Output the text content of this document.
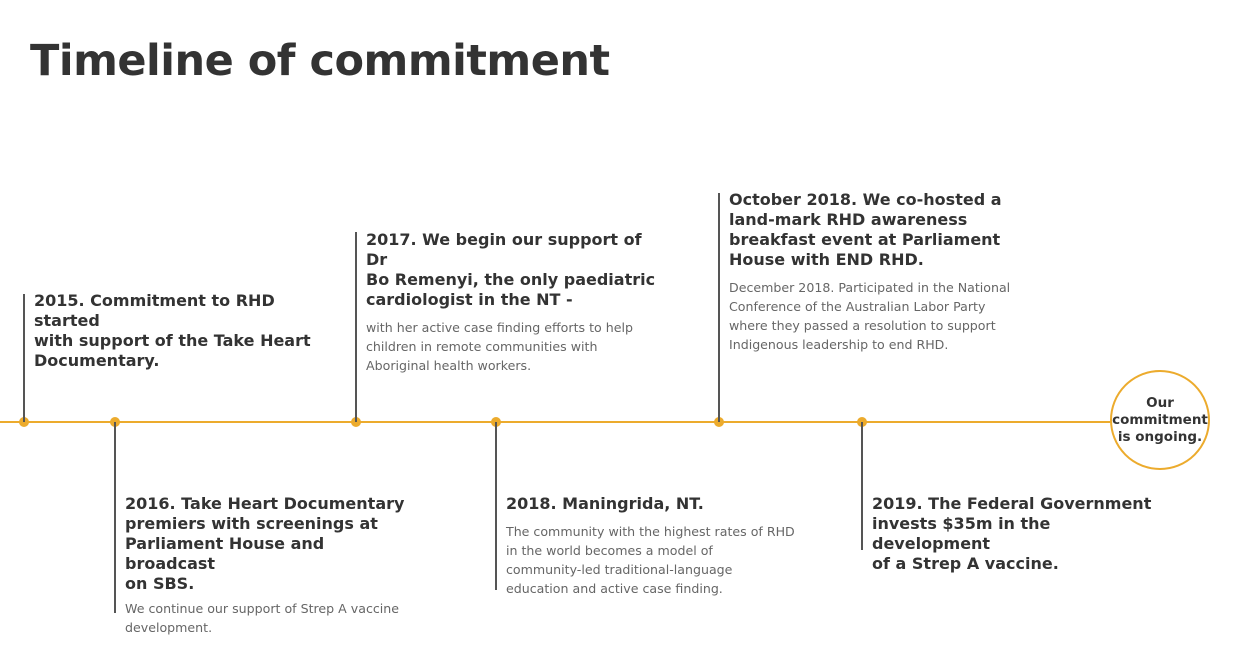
Timeline of commitment
2015. Commitment to RHD started
with support of the Take Heart
Documentary.
2016. Take Heart Documentary
premiers with screenings at
Parliament House and broadcast
on SBS.
We continue our support of Strep A vaccine
development.
2017. We begin our support of Dr
Bo Remenyi, the only paediatric
cardiologist in the NT -
with her active case finding efforts to help
children in remote communities with
Aboriginal health workers.
2018. Maningrida, NT.
The community with the highest rates of RHD
in the world becomes a model of
community-led traditional-language
education and active case finding.
October 2018. We co-hosted a
land-mark RHD awareness
breakfast event at Parliament
House with END RHD.
December 2018. Participated in the National
Conference of the Australian Labor Party
where they passed a resolution to support
Indigenous leadership to end RHD.
2019. The Federal Government
invests $35m in the development
of a Strep A vaccine.
Our
commitment
is ongoing.
